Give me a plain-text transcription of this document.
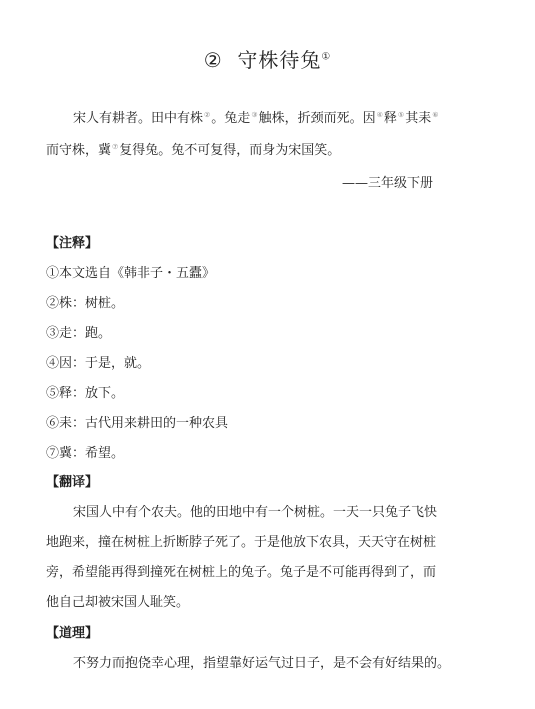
② 守株待兔①
宋人有耕者。田中有株②。兔走③触株，折颈而死。因④释⑤其耒⑥
而守株，冀⑦复得兔。兔不可复得，而身为宋国笑。
——三年级下册
【注释】
①本文选自《韩非子・五蠹》
②株：树桩。
③走：跑。
④因：于是，就。
⑤释：放下。
⑥耒：古代用来耕田的一种农具
⑦冀：希望。
【翻译】
宋国人中有个农夫。他的田地中有一个树桩。一天一只兔子飞快
地跑来，撞在树桩上折断脖子死了。于是他放下农具，天天守在树桩
旁，希望能再得到撞死在树桩上的兔子。兔子是不可能再得到了，而
他自己却被宋国人耻笑。
【道理】
不努力而抱侥幸心理，指望靠好运气过日子，是不会有好结果的。
